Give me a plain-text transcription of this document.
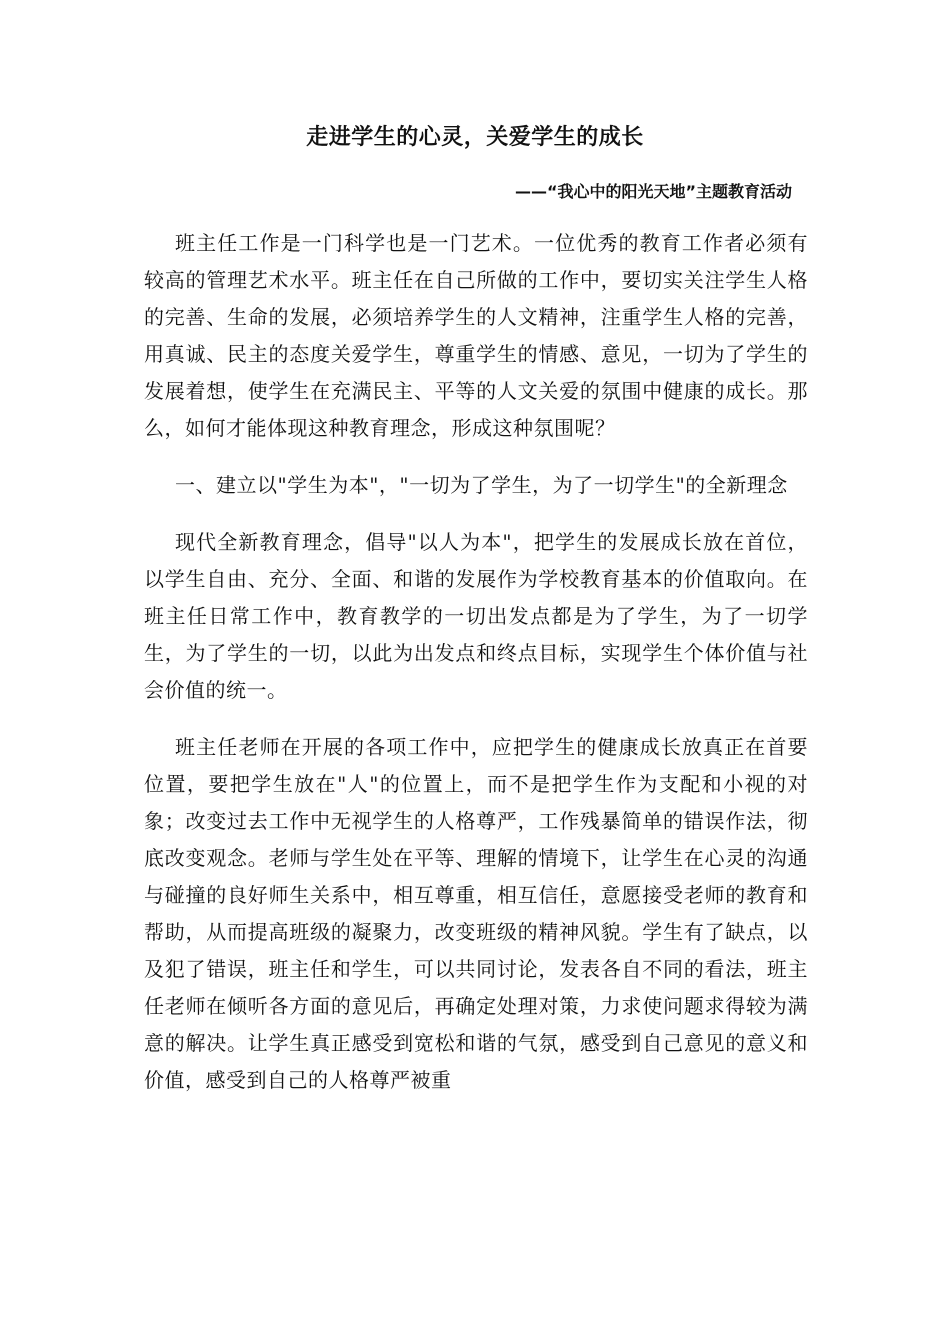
走进学生的心灵，关爱学生的成长
——“我心中的阳光天地”主题教育活动

班主任工作是一门科学也是一门艺术。一位优秀的教育工作者必须有较高的管理艺术水平。班主任在自己所做的工作中，要切实关注学生人格的完善、生命的发展，必须培养学生的人文精神，注重学生人格的完善，用真诚、民主的态度关爱学生，尊重学生的情感、意见，一切为了学生的发展着想，使学生在充满民主、平等的人文关爱的氛围中健康的成长。那么，如何才能体现这种教育理念，形成这种氛围呢？

一、建立以"学生为本"，"一切为了学生，为了一切学生"的全新理念

现代全新教育理念，倡导"以人为本"，把学生的发展成长放在首位，以学生自由、充分、全面、和谐的发展作为学校教育基本的价值取向。在班主任日常工作中，教育教学的一切出发点都是为了学生，为了一切学生，为了学生的一切，以此为出发点和终点目标，实现学生个体价值与社会价值的统一。

班主任老师在开展的各项工作中，应把学生的健康成长放真正在首要位置，要把学生放在"人"的位置上，而不是把学生作为支配和小视的对象；改变过去工作中无视学生的人格尊严，工作残暴简单的错误作法，彻底改变观念。老师与学生处在平等、理解的情境下，让学生在心灵的沟通与碰撞的良好师生关系中，相互尊重，相互信任，意愿接受老师的教育和帮助，从而提高班级的凝聚力，改变班级的精神风貌。学生有了缺点，以及犯了错误，班主任和学生，可以共同讨论，发表各自不同的看法，班主任老师在倾听各方面的意见后，再确定处理对策，力求使问题求得较为满意的解决。让学生真正感受到宽松和谐的气氛，感受到自己意见的意义和价值，感受到自己的人格尊严被重
